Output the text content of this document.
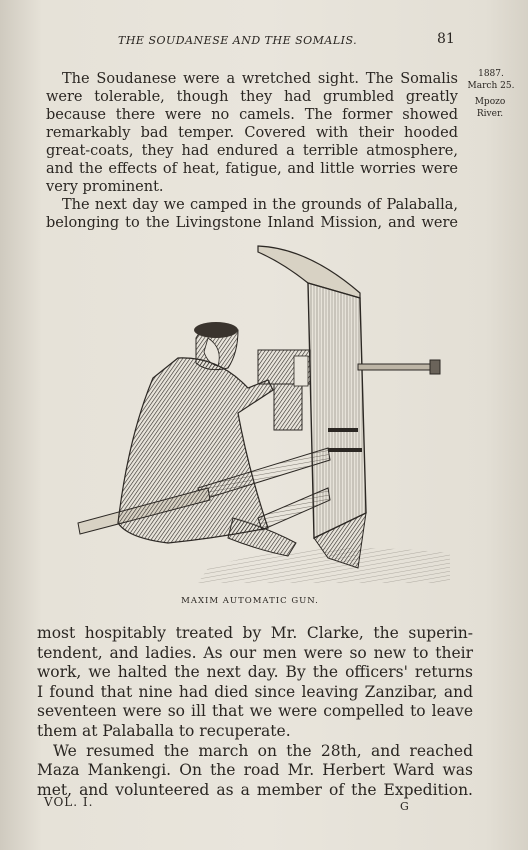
THE SOUDANESE AND THE SOMALIS.	81
1887.
March 25.
Mpozo
River.
The Soudanese were a wretched sight. The Somalis
were tolerable, though they had grumbled greatly
because there were no camels. The former showed
remarkably bad temper. Covered with their hooded
great-coats, they had endured a terrible atmosphere,
and the effects of heat, fatigue, and little worries were
very prominent.
The next day we camped in the grounds of Palaballa,
belonging to the Livingstone Inland Mission, and were
MAXIM AUTOMATIC GUN.
most hospitably treated by Mr. Clarke, the superin-
tendent, and ladies. As our men were so new to their
work, we halted the next day. By the officers' returns
I found that nine had died since leaving Zanzibar, and
seventeen were so ill that we were compelled to leave
them at Palaballa to recuperate.
We resumed the march on the 28th, and reached
Maza Mankengi. On the road Mr. Herbert Ward was
met, and volunteered as a member of the Expedition.
VOL. I.	G
